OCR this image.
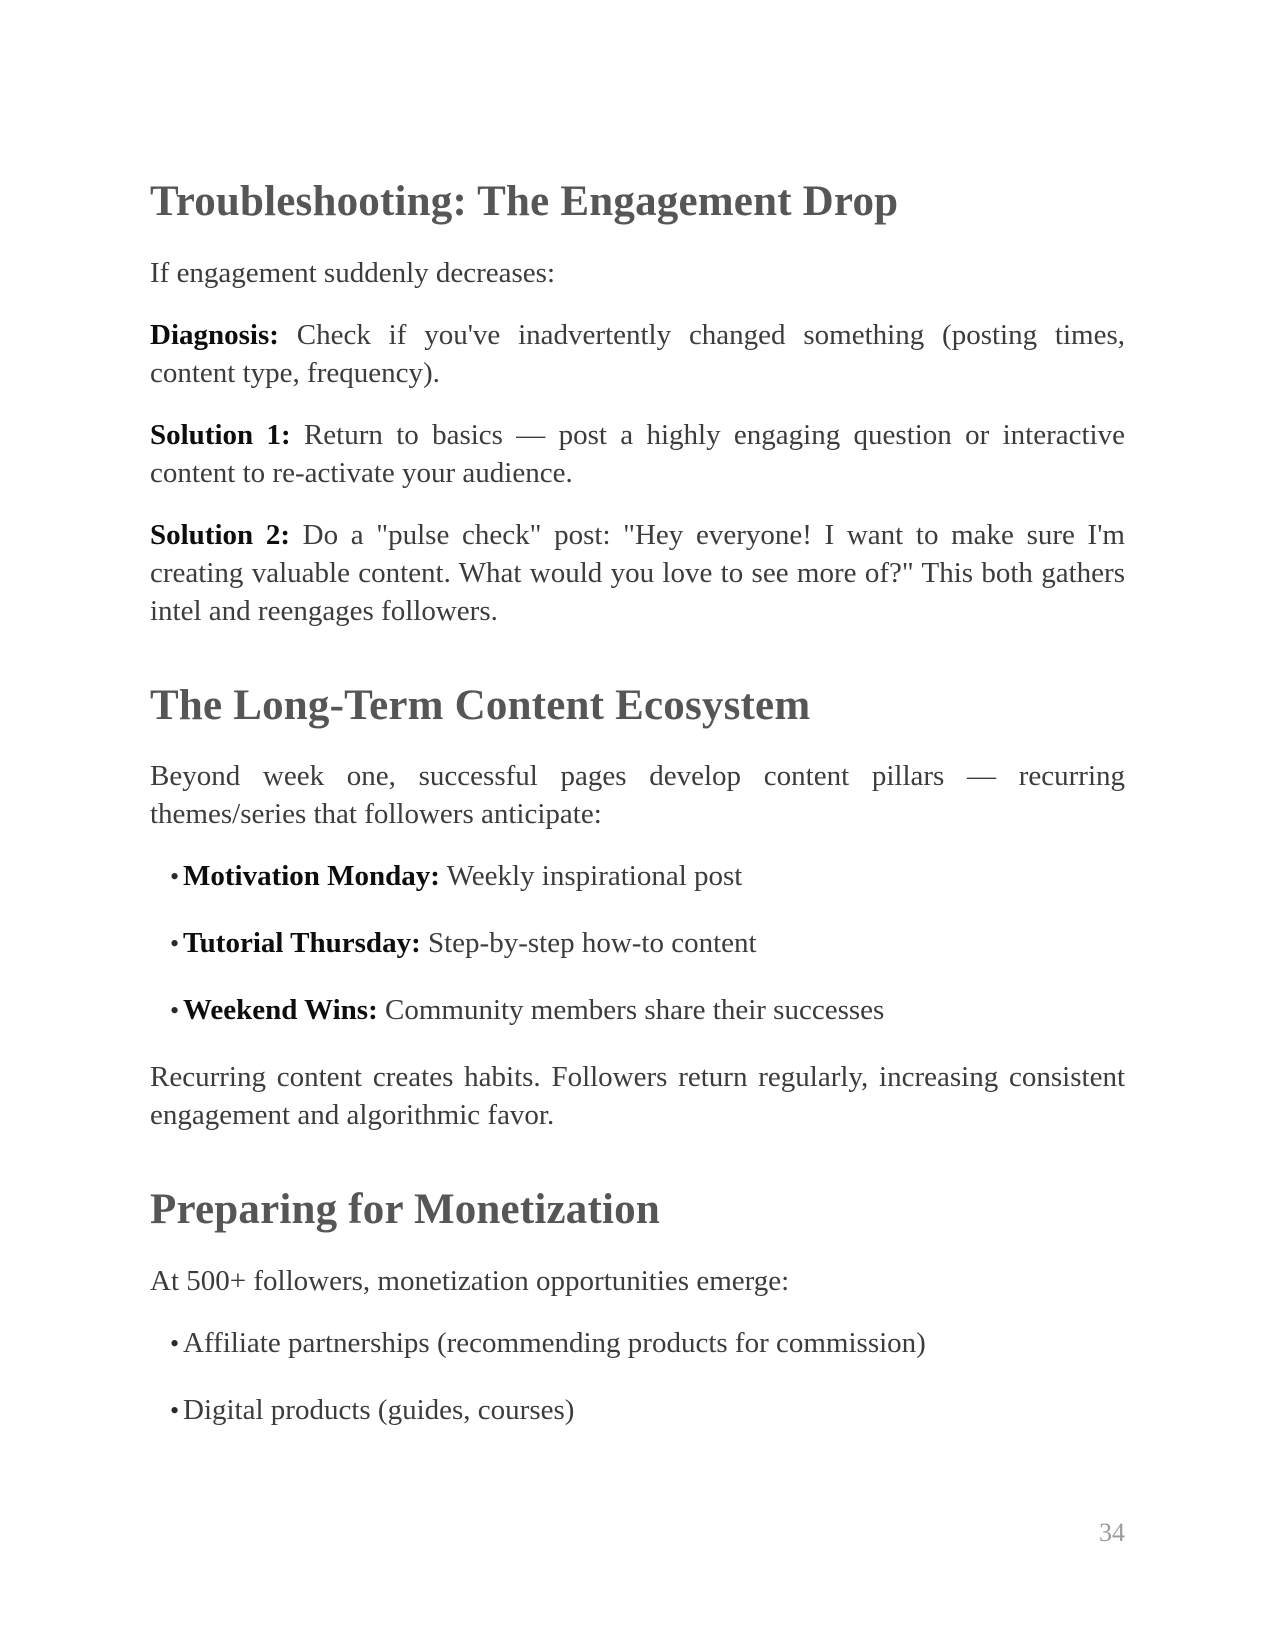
Troubleshooting: The Engagement Drop

If engagement suddenly decreases:

Diagnosis: Check if you've inadvertently changed something (posting times, content type, frequency).

Solution 1: Return to basics — post a highly engaging question or interactive content to re-activate your audience.

Solution 2: Do a "pulse check" post: "Hey everyone! I want to make sure I'm creating valuable content. What would you love to see more of?" This both gathers intel and reengages followers.

The Long-Term Content Ecosystem

Beyond week one, successful pages develop content pillars — recurring themes/series that followers anticipate:

• Motivation Monday: Weekly inspirational post
• Tutorial Thursday: Step-by-step how-to content
• Weekend Wins: Community members share their successes

Recurring content creates habits. Followers return regularly, increasing consistent engagement and algorithmic favor.

Preparing for Monetization

At 500+ followers, monetization opportunities emerge:

• Affiliate partnerships (recommending products for commission)
• Digital products (guides, courses)
34
